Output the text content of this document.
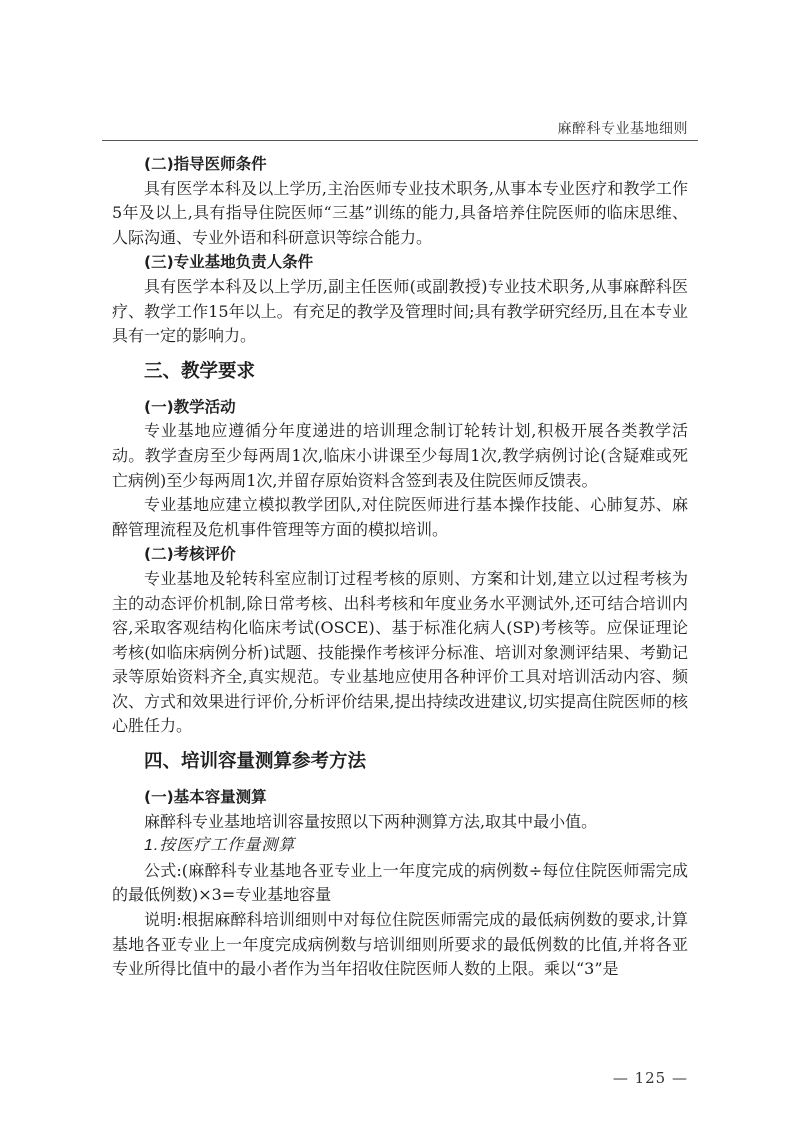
麻醉科专业基地细则
(二)指导医师条件

具有医学本科及以上学历,主治医师专业技术职务,从事本专业医疗和教学工作5年及以上,具有指导住院医师“三基”训练的能力,具备培养住院医师的临床思维、人际沟通、专业外语和科研意识等综合能力。

(三)专业基地负责人条件

具有医学本科及以上学历,副主任医师(或副教授)专业技术职务,从事麻醉科医疗、教学工作15年以上。有充足的教学及管理时间;具有教学研究经历,且在本专业具有一定的影响力。

三、教学要求
(一)教学活动

专业基地应遵循分年度递进的培训理念制订轮转计划,积极开展各类教学活动。教学查房至少每两周1次,临床小讲课至少每周1次,教学病例讨论(含疑难或死亡病例)至少每两周1次,并留存原始资料含签到表及住院医师反馈表。

专业基地应建立模拟教学团队,对住院医师进行基本操作技能、心肺复苏、麻醉管理流程及危机事件管理等方面的模拟培训。

(二)考核评价

专业基地及轮转科室应制订过程考核的原则、方案和计划,建立以过程考核为主的动态评价机制,除日常考核、出科考核和年度业务水平测试外,还可结合培训内容,采取客观结构化临床考试(OSCE)、基于标准化病人(SP)考核等。应保证理论考核(如临床病例分析)试题、技能操作考核评分标准、培训对象测评结果、考勤记录等原始资料齐全,真实规范。专业基地应使用各种评价工具对培训活动内容、频次、方式和效果进行评价,分析评价结果,提出持续改进建议,切实提高住院医师的核心胜任力。

四、培训容量测算参考方法
(一)基本容量测算

麻醉科专业基地培训容量按照以下两种测算方法,取其中最小值。

1.按医疗工作量测算

公式:(麻醉科专业基地各亚专业上一年度完成的病例数÷每位住院医师需完成的最低例数)×3=专业基地容量

说明:根据麻醉科培训细则中对每位住院医师需完成的最低病例数的要求,计算基地各亚专业上一年度完成病例数与培训细则所要求的最低例数的比值,并将各亚专业所得比值中的最小者作为当年招收住院医师人数的上限。乘以“3”是

— 125 —
